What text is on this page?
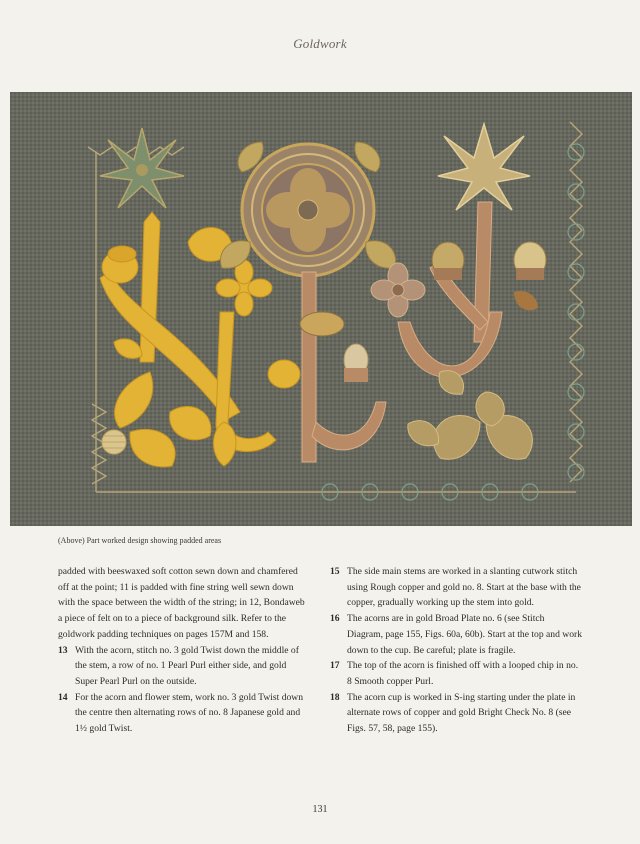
Goldwork
(Above) Part worked design showing padded areas
padded with beeswaxed soft cotton sewn down and chamfered off at the point; 11 is padded with fine string well sewn down with the space between the width of the string; in 12, Bondaweb a piece of felt on to a piece of background silk. Refer to the goldwork padding techniques on pages 157M and 158.
13 With the acorn, stitch no. 3 gold Twist down the middle of the stem, a row of no. 1 Pearl Purl either side, and gold Super Pearl Purl on the outside.
14 For the acorn and flower stem, work no. 3 gold Twist down the centre then alternating rows of no. 8 Japanese gold and 1½ gold Twist.
15 The side main stems are worked in a slanting cutwork stitch using Rough copper and gold no. 8. Start at the base with the copper, gradually working up the stem into gold.
16 The acorns are in gold Broad Plate no. 6 (see Stitch Diagram, page 155, Figs. 60a, 60b). Start at the top and work down to the cup. Be careful; plate is fragile.
17 The top of the acorn is finished off with a looped chip in no. 8 Smooth copper Purl.
18 The acorn cup is worked in S-ing starting under the plate in alternate rows of copper and gold Bright Check No. 8 (see Figs. 57, 58, page 155).
131
